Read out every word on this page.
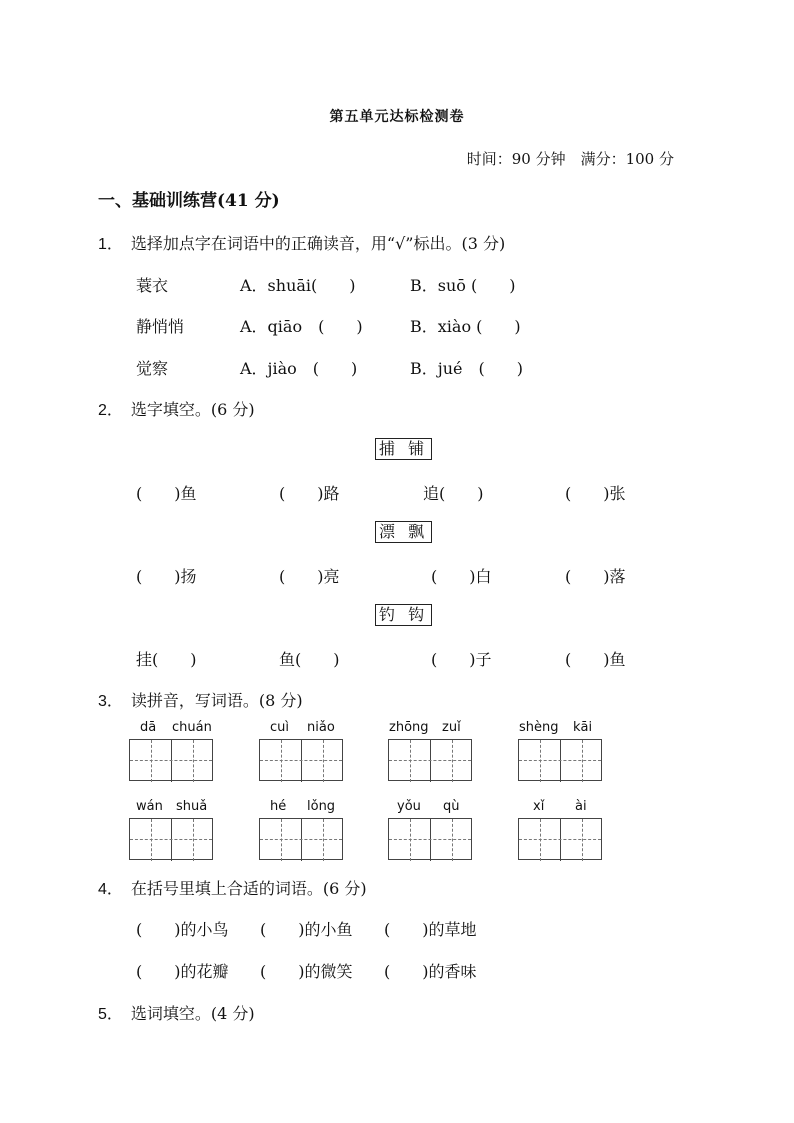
第五单元达标检测卷
时间：90 分钟　满分：100 分
一、基础训练营(41 分)
1． 选择加点字在词语中的正确读音，用“√”标出。(3 分)
蓑衣	A．shuāi(　　)	B．suō (　　)
静悄悄	A．qiāo　(　　)	B．xiào (　　)
觉察	A．jiào　(　　)	B．jué　(　　)
2． 选字填空。(6 分)
捕 铺
(　　)鱼	(　　)路	追(　　)	(　　)张
漂 飘
(　　)扬	(　　)亮	(　　)白	(　　)落
钓 钩
挂(　　)	鱼(　　)	(　　)子	(　　)鱼
3． 读拼音，写词语。(8 分)
dā chuán	cuì niǎo	zhōng zuǐ	shèng kāi
wán shuǎ	hé lǒng	yǒu qù	xǐ ài
4． 在括号里填上合适的词语。(6 分)
(　　)的小鸟 (　　)的小鱼 (　　)的草地
(　　)的花瓣 (　　)的微笑 (　　)的香味
5． 选词填空。(4 分)
